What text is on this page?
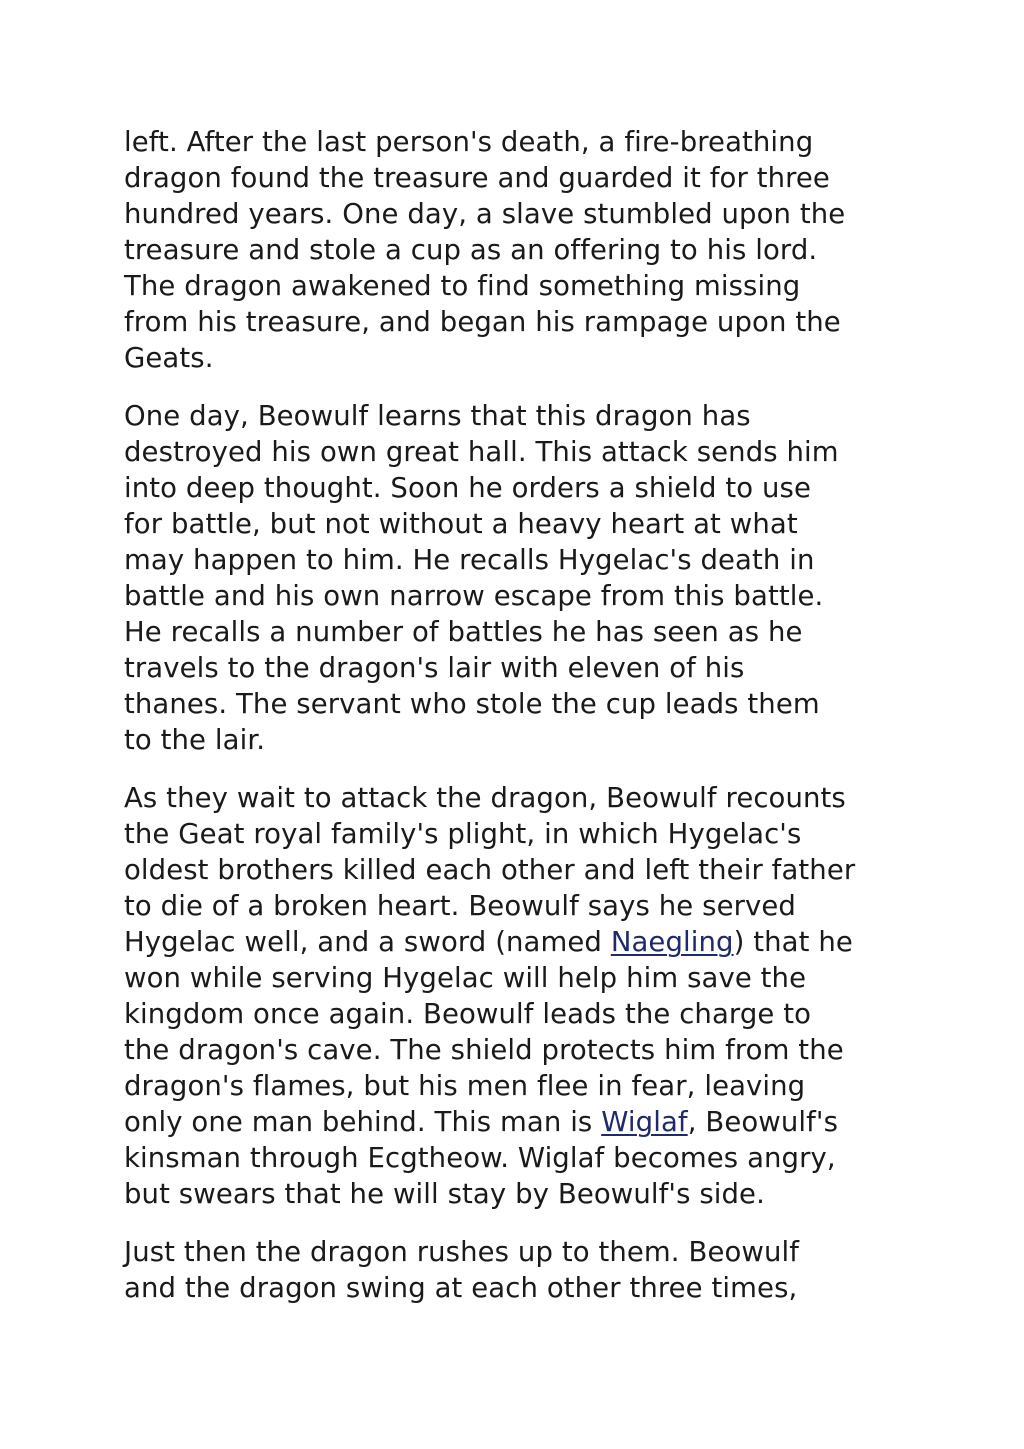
left. After the last person's death, a fire-breathing
dragon found the treasure and guarded it for three
hundred years. One day, a slave stumbled upon the
treasure and stole a cup as an offering to his lord.
The dragon awakened to find something missing
from his treasure, and began his rampage upon the
Geats.

One day, Beowulf learns that this dragon has
destroyed his own great hall. This attack sends him
into deep thought. Soon he orders a shield to use
for battle, but not without a heavy heart at what
may happen to him. He recalls Hygelac's death in
battle and his own narrow escape from this battle.
He recalls a number of battles he has seen as he
travels to the dragon's lair with eleven of his
thanes. The servant who stole the cup leads them
to the lair.

As they wait to attack the dragon, Beowulf recounts
the Geat royal family's plight, in which Hygelac's
oldest brothers killed each other and left their father
to die of a broken heart. Beowulf says he served
Hygelac well, and a sword (named Naegling) that he
won while serving Hygelac will help him save the
kingdom once again. Beowulf leads the charge to
the dragon's cave. The shield protects him from the
dragon's flames, but his men flee in fear, leaving
only one man behind. This man is Wiglaf, Beowulf's
kinsman through Ecgtheow. Wiglaf becomes angry,
but swears that he will stay by Beowulf's side.

Just then the dragon rushes up to them. Beowulf
and the dragon swing at each other three times,
